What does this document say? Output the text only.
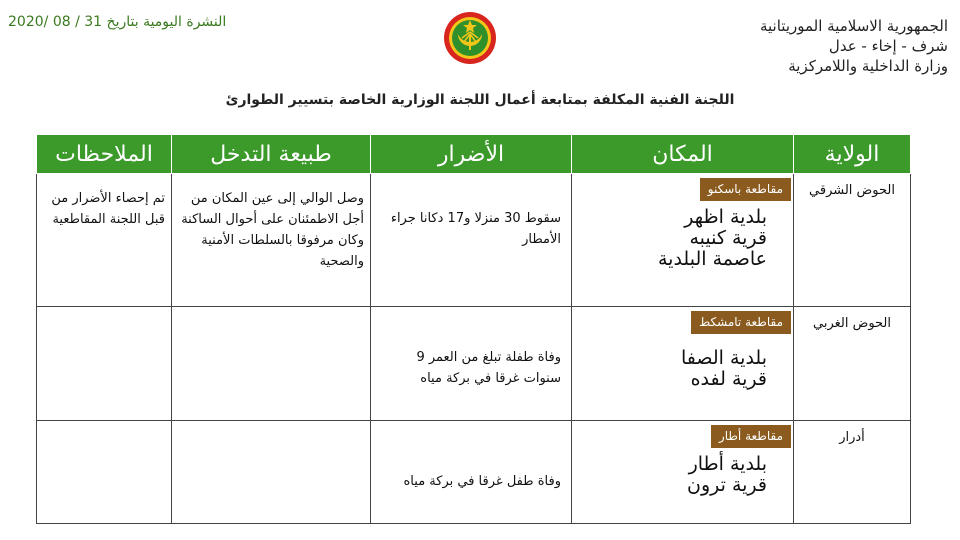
الجمهورية الاسلامية الموريتانية
شرف - إخاء - عدل
وزارة الداخلية واللامركزية
النشرة اليومية بتاريخ 31 / 08 /2020
اللجنة الفنية المكلفة بمتابعة أعمال اللجنة الوزارية الخاصة بتسيير الطوارئ
الولاية	المكان	الأضرار	طبيعة التدخل	الملاحظات
الحوض الشرقي	مقاطعة باسكنو
بلدية اظهر
قرية كنيبه
عاصمة البلدية	سقوط 30 منزلا و17 دكانا جراء الأمطار	وصل الوالي إلى عين المكان من أجل الاطمئنان على أحوال الساكنة وكان مرفوقا بالسلطات الأمنية والصحية	تم إحصاء الأضرار من قبل اللجنة المقاطعية
الحوض الغربي	مقاطعة تامشكط
بلدية الصفا
قرية لفده	وفاة طفلة تبلغ من العمر 9 سنوات غرقا في بركة مياه		
أدرار	مقاطعة أطار
بلدية أطار
قرية ترون	وفاة طفل غرقا في بركة مياه		
